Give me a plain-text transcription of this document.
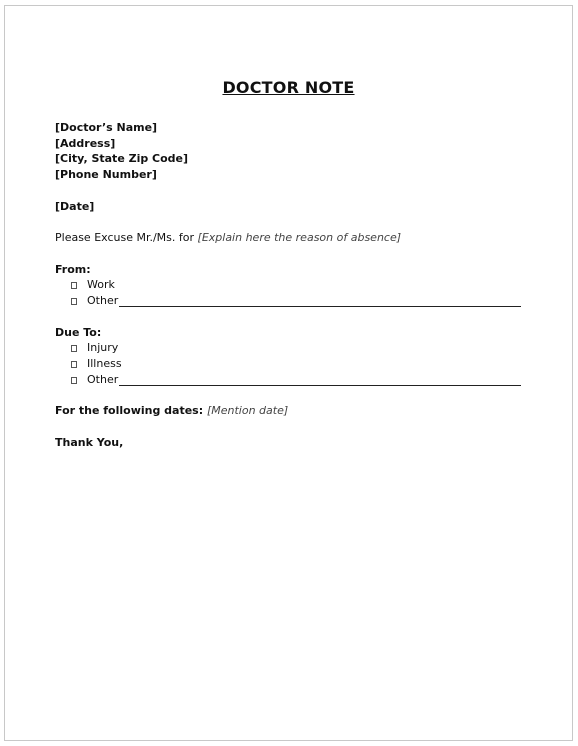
DOCTOR NOTE
[Doctor’s Name]
[Address]
[City, State Zip Code]
[Phone Number]
[Date]
Please Excuse Mr./Ms. for [Explain here the reason of absence]
From:
Work
Other
Due To:
Injury
Illness
Other
For the following dates: [Mention date]
Thank You,
